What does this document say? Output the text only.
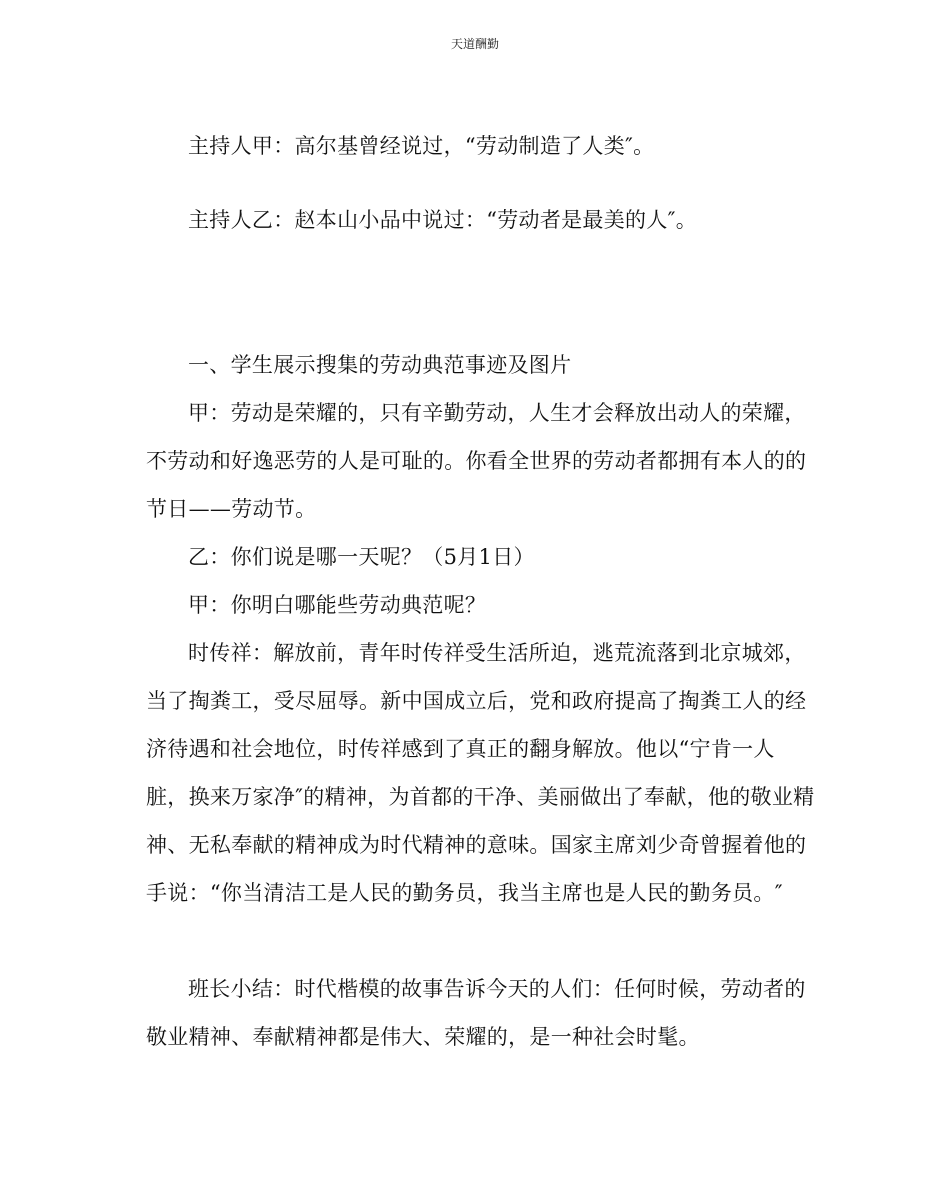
天道酬勤

主持人甲：高尔基曾经说过，“劳动制造了人类″。

主持人乙：赵本山小品中说过：“劳动者是最美的人″。

一、学生展示搜集的劳动典范事迹及图片

甲：劳动是荣耀的，只有辛勤劳动，人生才会释放出动人的荣耀，不劳动和好逸恶劳的人是可耻的。你看全世界的劳动者都拥有本人的的节日——劳动节。

乙：你们说是哪一天呢？（5月1日）

甲：你明白哪能些劳动典范呢？

时传祥：解放前，青年时传祥受生活所迫，逃荒流落到北京城郊，当了掏粪工，受尽屈辱。新中国成立后，党和政府提高了掏粪工人的经济待遇和社会地位，时传祥感到了真正的翻身解放。他以“宁肯一人脏，换来万家净″的精神，为首都的干净、美丽做出了奉献，他的敬业精神、无私奉献的精神成为时代精神的意味。国家主席刘少奇曾握着他的手说：“你当清洁工是人民的勤务员，我当主席也是人民的勤务员。″

班长小结：时代楷模的故事告诉今天的人们：任何时候，劳动者的敬业精神、奉献精神都是伟大、荣耀的，是一种社会时髦。
